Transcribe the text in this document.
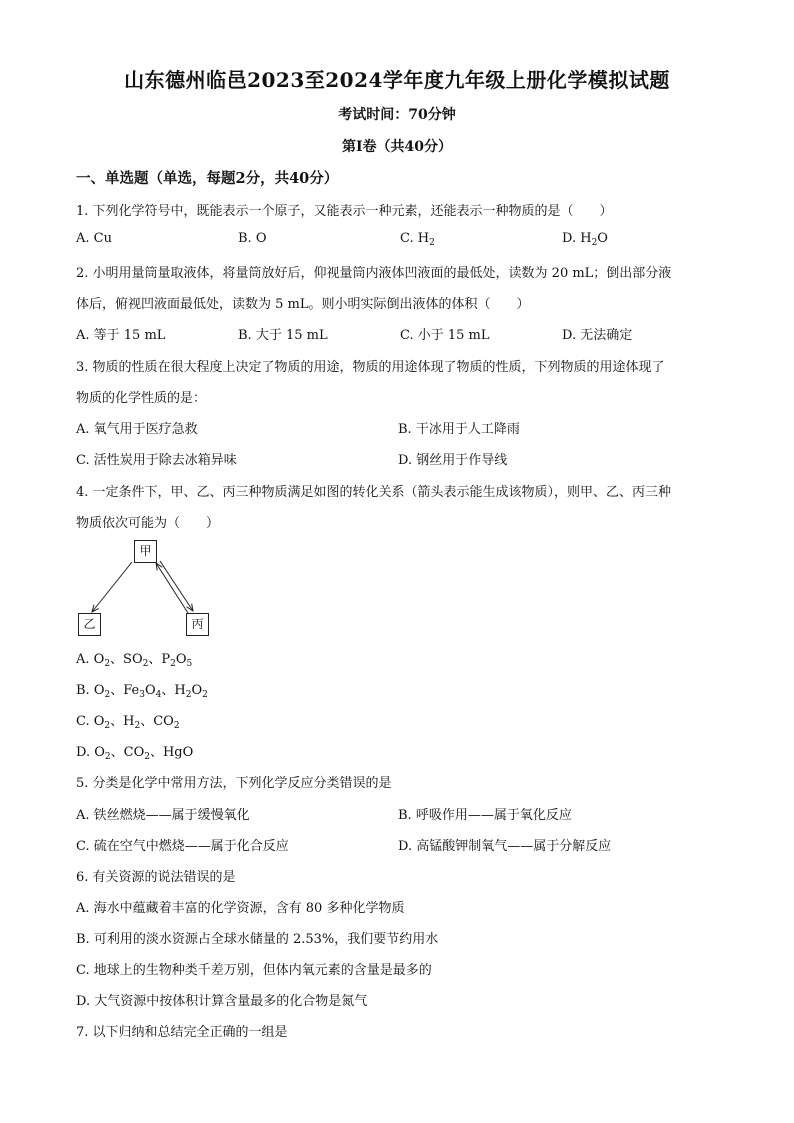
山东德州临邑2023至2024学年度九年级上册化学模拟试题
考试时间：70分钟
第Ⅰ卷（共40分）
一、单选题（单选，每题2分，共40分）
1. 下列化学符号中，既能表示一个原子，又能表示一种元素，还能表示一种物质的是（　　）
A. Cu	B. O	C. $H_2$	D. $H_2O$
2. 小明用量筒量取液体，将量筒放好后，仰视量筒内液体凹液面的最低处，读数为 20 mL；倒出部分液
体后，俯视凹液面最低处，读数为 5 mL。则小明实际倒出液体的体积（　　）
A. 等于 15 mL	B. 大于 15 mL	C. 小于 15 mL	D. 无法确定
3. 物质的性质在很大程度上决定了物质的用途，物质的用途体现了物质的性质，下列物质的用途体现了
物质的化学性质的是：
A. 氧气用于医疗急救	B. 干冰用于人工降雨
C. 活性炭用于除去冰箱异味	D. 钢丝用于作导线
4. 一定条件下，甲、乙、丙三种物质满足如图的转化关系（箭头表示能生成该物质），则甲、乙、丙三种
物质依次可能为（　　）
甲
乙	丙
A. $O_2$、$SO_2$、$P_2O_5$
B. $O_2$、$Fe_3O_4$、$H_2O_2$
C. $O_2$、$H_2$、$CO_2$
D. $O_2$、$CO_2$、HgO
5. 分类是化学中常用方法，下列化学反应分类错误的是
A. 铁丝燃烧——属于缓慢氧化	B. 呼吸作用——属于氧化反应
C. 硫在空气中燃烧——属于化合反应	D. 高锰酸钾制氧气——属于分解反应
6. 有关资源的说法错误的是
A. 海水中蕴藏着丰富的化学资源，含有 80 多种化学物质
B. 可利用的淡水资源占全球水储量的 2.53%，我们要节约用水
C. 地球上的生物种类千差万别，但体内氧元素的含量是最多的
D. 大气资源中按体积计算含量最多的化合物是氮气
7. 以下归纳和总结完全正确的一组是
